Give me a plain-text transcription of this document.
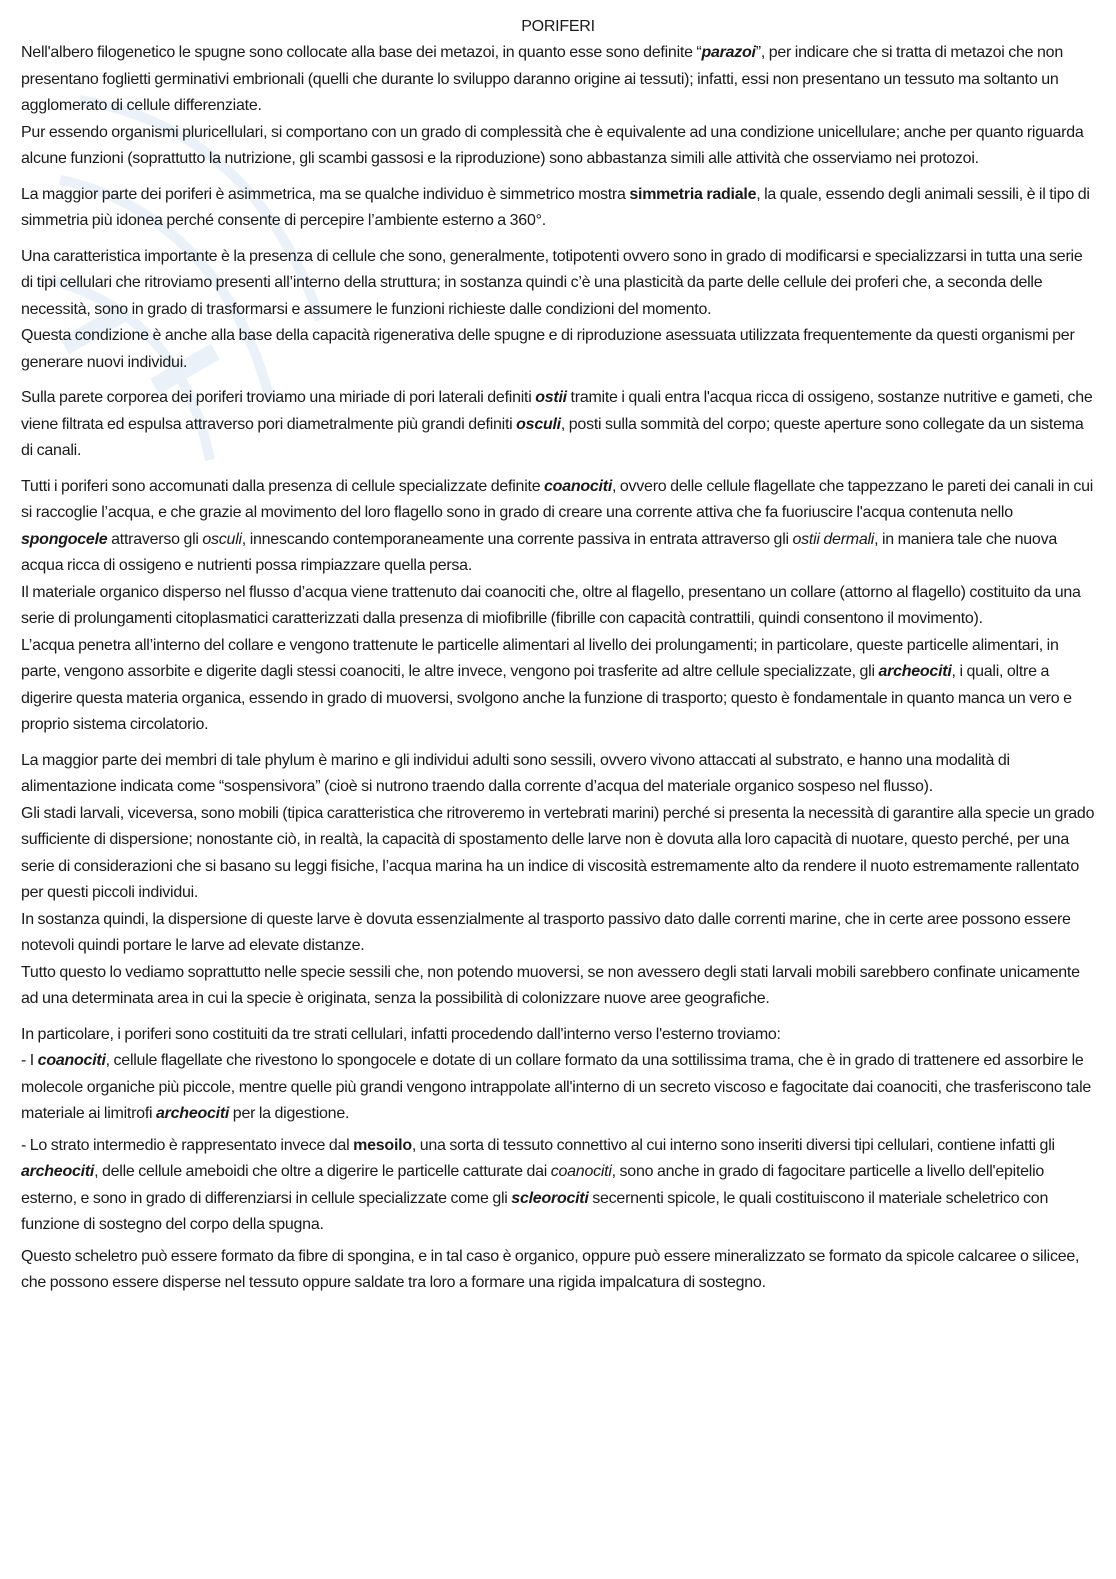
PORIFERI

Nell'albero filogenetico le spugne sono collocate alla base dei metazoi, in quanto esse sono definite “parazoi”, per indicare che si tratta di metazoi che non presentano foglietti germinativi embrionali (quelli che durante lo sviluppo daranno origine ai tessuti); infatti, essi non presentano un tessuto ma soltanto un agglomerato di cellule differenziate.

Pur essendo organismi pluricellulari, si comportano con un grado di complessità che è equivalente ad una condizione unicellulare; anche per quanto riguarda alcune funzioni (soprattutto la nutrizione, gli scambi gassosi e la riproduzione) sono abbastanza simili alle attività che osserviamo nei protozoi.

La maggior parte dei poriferi è asimmetrica, ma se qualche individuo è simmetrico mostra simmetria radiale, la quale, essendo degli animali sessili, è il tipo di simmetria più idonea perché consente di percepire l’ambiente esterno a 360°.

Una caratteristica importante è la presenza di cellule che sono, generalmente, totipotenti ovvero sono in grado di modificarsi e specializzarsi in tutta una serie di tipi cellulari che ritroviamo presenti all’interno della struttura; in sostanza quindi c’è una plasticità da parte delle cellule dei proferi che, a seconda delle necessità, sono in grado di trasformarsi e assumere le funzioni richieste dalle condizioni del momento.

Questa condizione è anche alla base della capacità rigenerativa delle spugne e di riproduzione asessuata utilizzata frequentemente da questi organismi per generare nuovi individui.

Sulla parete corporea dei poriferi troviamo una miriade di pori laterali definiti ostii tramite i quali entra l'acqua ricca di ossigeno, sostanze nutritive e gameti, che viene filtrata ed espulsa attraverso pori diametralmente più grandi definiti osculi, posti sulla sommità del corpo; queste aperture sono collegate da un sistema di canali.

Tutti i poriferi sono accomunati dalla presenza di cellule specializzate definite coanociti, ovvero delle cellule flagellate che tappezzano le pareti dei canali in cui si raccoglie l’acqua, e che grazie al movimento del loro flagello sono in grado di creare una corrente attiva che fa fuoriuscire l'acqua contenuta nello spongocele attraverso gli osculi, innescando contemporaneamente una corrente passiva in entrata attraverso gli ostii dermali, in maniera tale che nuova acqua ricca di ossigeno e nutrienti possa rimpiazzare quella persa.

Il materiale organico disperso nel flusso d’acqua viene trattenuto dai coanociti che, oltre al flagello, presentano un collare (attorno al flagello) costituito da una serie di prolungamenti citoplasmatici caratterizzati dalla presenza di miofibrille (fibrille con capacità contrattili, quindi consentono il movimento).

L’acqua penetra all’interno del collare e vengono trattenute le particelle alimentari al livello dei prolungamenti; in particolare, queste particelle alimentari, in parte, vengono assorbite e digerite dagli stessi coanociti, le altre invece, vengono poi trasferite ad altre cellule specializzate, gli archeociti, i quali, oltre a digerire questa materia organica, essendo in grado di muoversi, svolgono anche la funzione di trasporto; questo è fondamentale in quanto manca un vero e proprio sistema circolatorio.

La maggior parte dei membri di tale phylum è marino e gli individui adulti sono sessili, ovvero vivono attaccati al substrato, e hanno una modalità di alimentazione indicata come “sospensivora” (cioè si nutrono traendo dalla corrente d’acqua del materiale organico sospeso nel flusso).

Gli stadi larvali, viceversa, sono mobili (tipica caratteristica che ritroveremo in vertebrati marini) perché si presenta la necessità di garantire alla specie un grado sufficiente di dispersione; nonostante ciò, in realtà, la capacità di spostamento delle larve non è dovuta alla loro capacità di nuotare, questo perché, per una serie di considerazioni che si basano su leggi fisiche, l’acqua marina ha un indice di viscosità estremamente alto da rendere il nuoto estremamente rallentato per questi piccoli individui.

In sostanza quindi, la dispersione di queste larve è dovuta essenzialmente al trasporto passivo dato dalle correnti marine, che in certe aree possono essere notevoli quindi portare le larve ad elevate distanze.

Tutto questo lo vediamo soprattutto nelle specie sessili che, non potendo muoversi, se non avessero degli stati larvali mobili sarebbero confinate unicamente ad una determinata area in cui la specie è originata, senza la possibilità di colonizzare nuove aree geografiche.

In particolare, i poriferi sono costituiti da tre strati cellulari, infatti procedendo dall'interno verso l'esterno troviamo:

- I coanociti, cellule flagellate che rivestono lo spongocele e dotate di un collare formato da una sottilissima trama, che è in grado di trattenere ed assorbire le molecole organiche più piccole, mentre quelle più grandi vengono intrappolate all'interno di un secreto viscoso e fagocitate dai coanociti, che trasferiscono tale materiale ai limitrofi archeociti per la digestione.

- Lo strato intermedio è rappresentato invece dal mesoilo, una sorta di tessuto connettivo al cui interno sono inseriti diversi tipi cellulari, contiene infatti gli archeociti, delle cellule ameboidi che oltre a digerire le particelle catturate dai coanociti, sono anche in grado di fagocitare particelle a livello dell'epitelio esterno, e sono in grado di differenziarsi in cellule specializzate come gli scleorociti secernenti spicole, le quali costituiscono il materiale scheletrico con funzione di sostegno del corpo della spugna.

Questo scheletro può essere formato da fibre di spongina, e in tal caso è organico, oppure può essere mineralizzato se formato da spicole calcaree o silicee, che possono essere disperse nel tessuto oppure saldate tra loro a formare una rigida impalcatura di sostegno.
